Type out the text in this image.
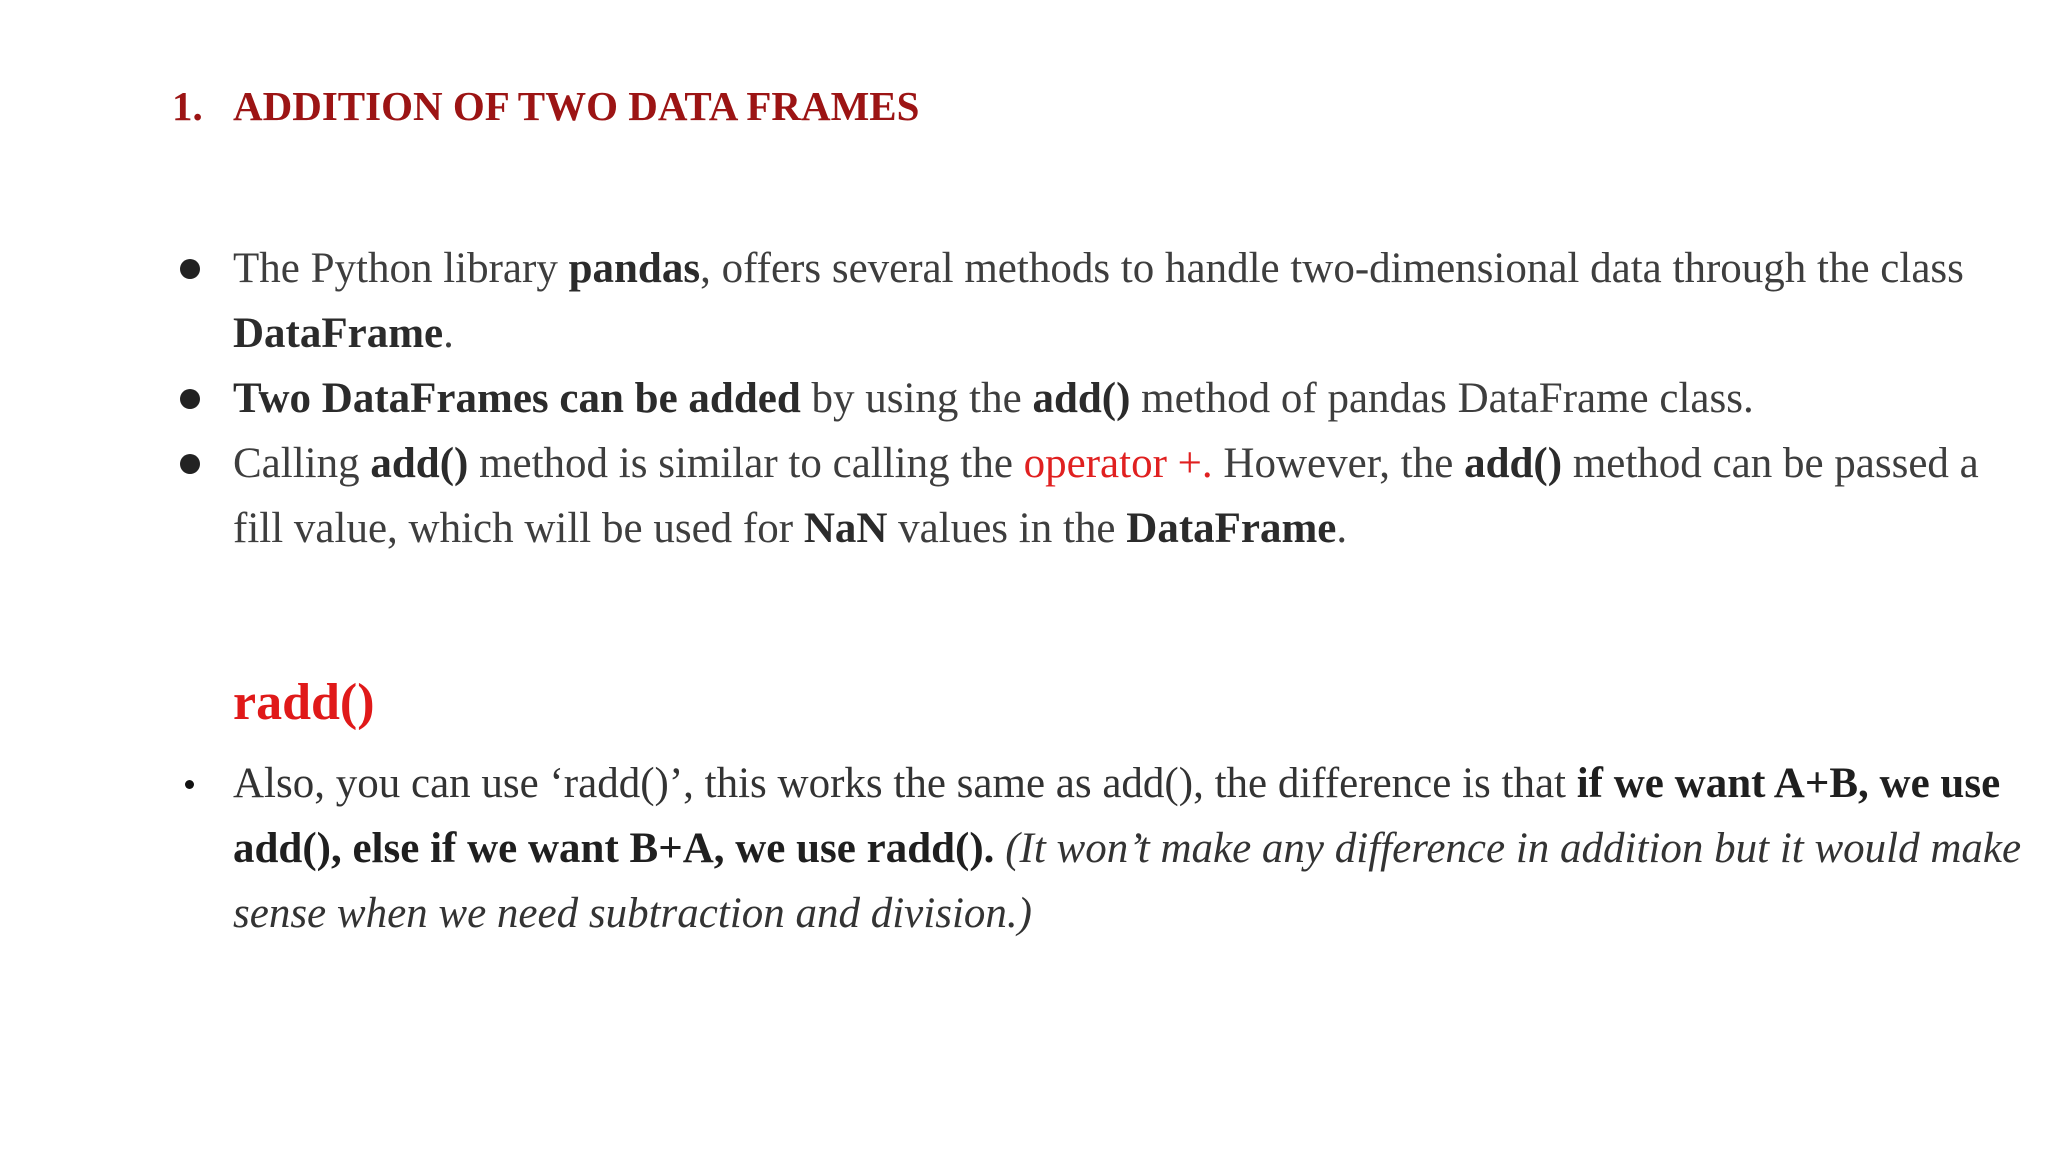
1. ADDITION OF TWO DATA FRAMES

The Python library pandas, offers several methods to handle two-dimensional data through the class DataFrame.

Two DataFrames can be added by using the add() method of pandas DataFrame class.

Calling add() method is similar to calling the operator +. However, the add() method can be passed a fill value, which will be used for NaN values in the DataFrame.

radd()

Also, you can use ‘radd()’, this works the same as add(), the difference is that if we want A+B, we use add(), else if we want B+A, we use radd(). (It won’t make any difference in addition but it would make sense when we need subtraction and division.)
